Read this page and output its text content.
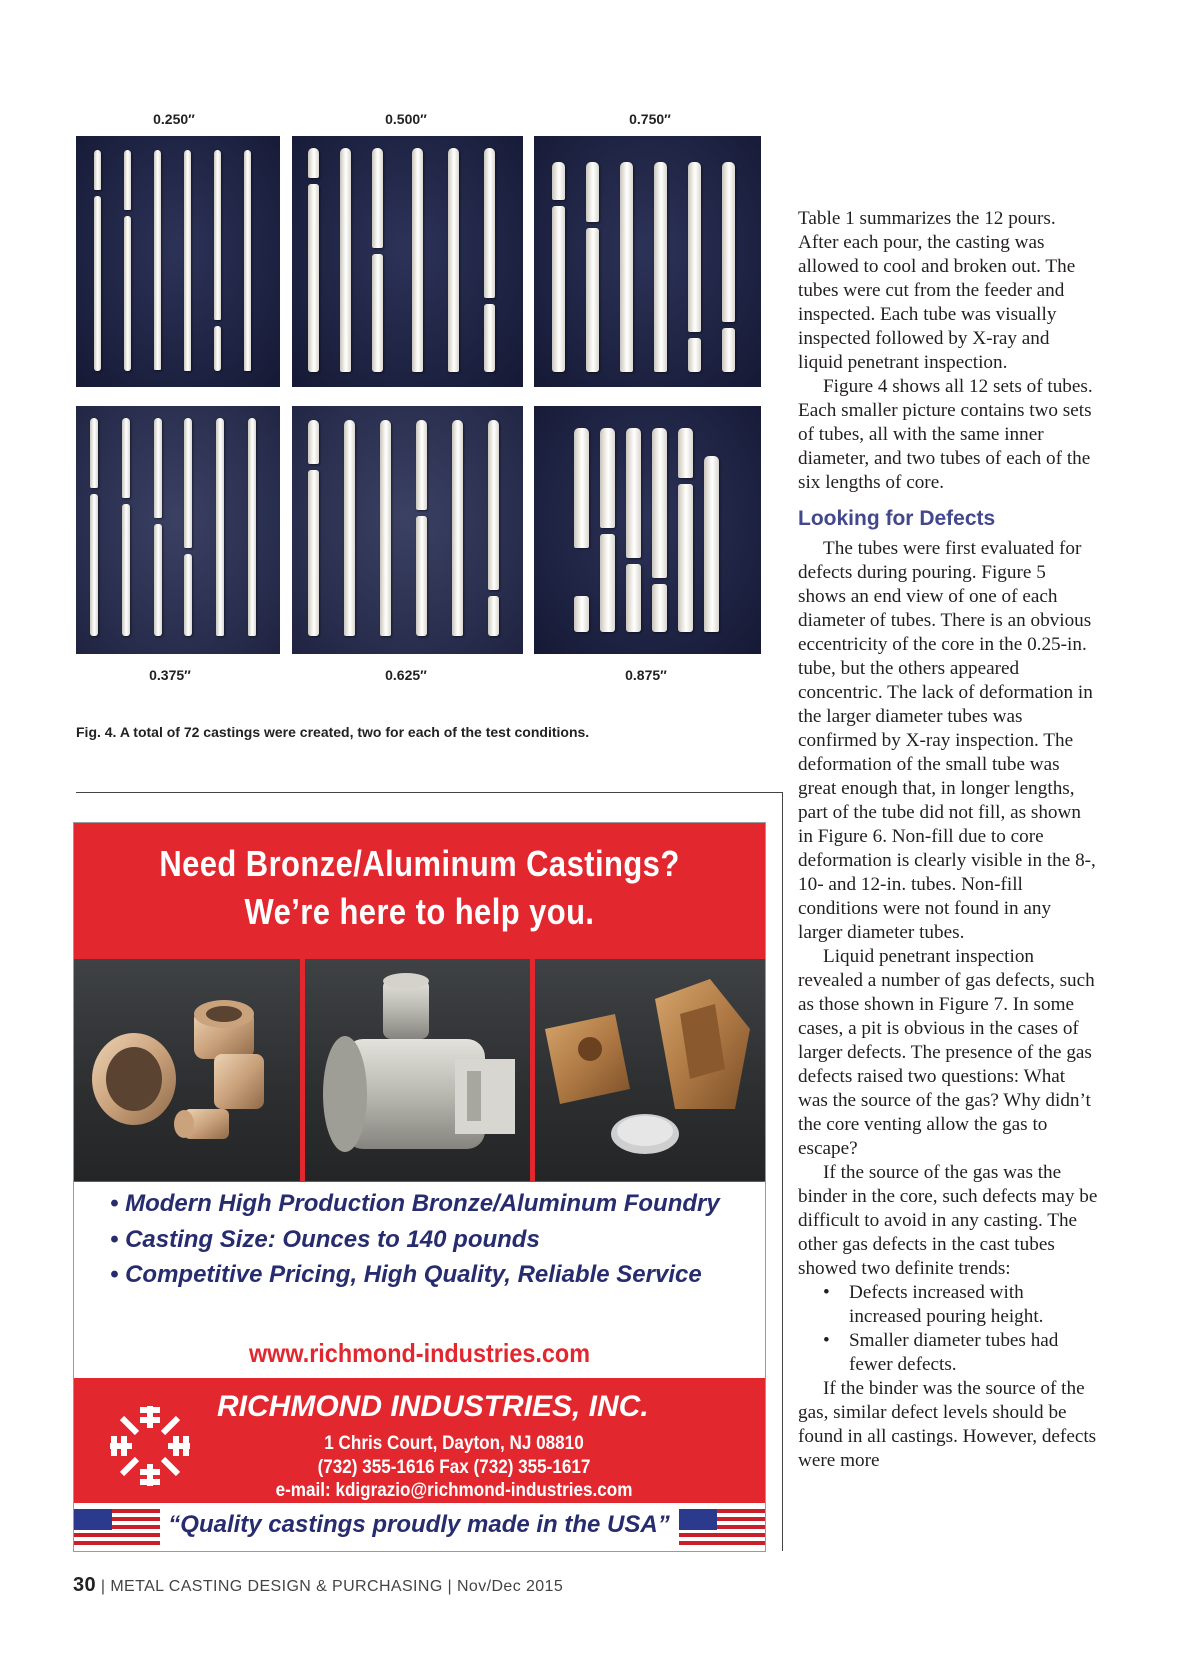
0.250″	0.500″	0.750″
0.375″	0.625″	0.875″
Fig. 4. A total of 72 castings were created, two for each of the test conditions.
Need Bronze/Aluminum Castings?
We’re here to help you.
• Modern High Production Bronze/Aluminum Foundry
• Casting Size: Ounces to 140 pounds
• Competitive Pricing, High Quality, Reliable Service
www.richmond-industries.com
RICHMOND INDUSTRIES, INC.
1 Chris Court, Dayton, NJ 08810
(732) 355-1616 Fax (732) 355-1617
e-mail: kdigrazio@richmond-industries.com
“Quality castings proudly made in the USA”

Table 1 summarizes the 12 pours. After each pour, the casting was allowed to cool and broken out. The tubes were cut from the feeder and inspected. Each tube was visually inspected followed by X-ray and liquid penetrant inspection.

Figure 4 shows all 12 sets of tubes. Each smaller picture contains two sets of tubes, all with the same inner diameter, and two tubes of each of the six lengths of core.

Looking for Defects

The tubes were first evaluated for defects during pouring. Figure 5 shows an end view of one of each diameter of tubes. There is an obvious eccentricity of the core in the 0.25-in. tube, but the others appeared concentric. The lack of deformation in the larger diameter tubes was confirmed by X-ray inspection. The deformation of the small tube was great enough that, in longer lengths, part of the tube did not fill, as shown in Figure 6. Non-fill due to core deformation is clearly visible in the 8-, 10- and 12-in. tubes. Non-fill conditions were not found in any larger diameter tubes.

Liquid penetrant inspection revealed a number of gas defects, such as those shown in Figure 7. In some cases, a pit is obvious in the cases of larger defects. The presence of the gas defects raised two questions: What was the source of the gas? Why didn’t the core venting allow the gas to escape?

If the source of the gas was the binder in the core, such defects may be difficult to avoid in any casting. The other gas defects in the cast tubes showed two definite trends:

• Defects increased with increased pouring height.
• Smaller diameter tubes had fewer defects.

If the binder was the source of the gas, similar defect levels should be found in all castings. However, defects were more

30 | METAL CASTING DESIGN & PURCHASING | Nov/Dec 2015
